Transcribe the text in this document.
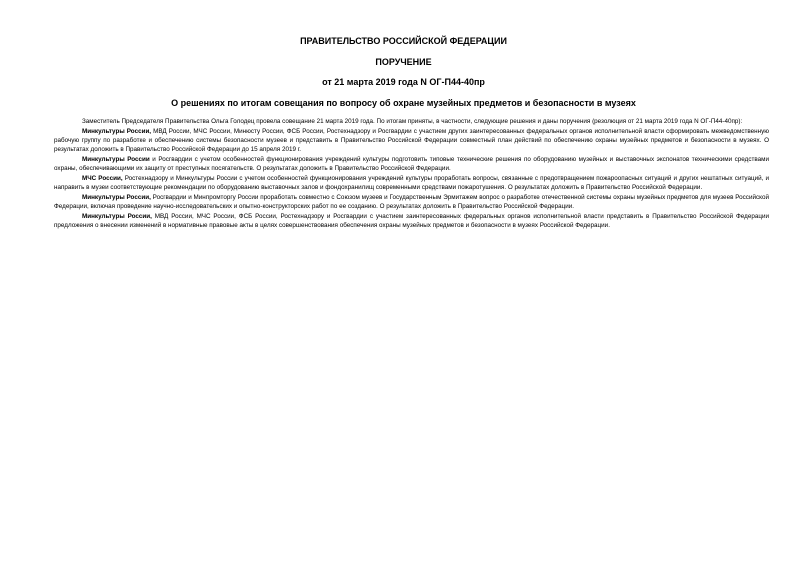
ПРАВИТЕЛЬСТВО РОССИЙСКОЙ ФЕДЕРАЦИИ
ПОРУЧЕНИЕ
от 21 марта 2019 года N ОГ-П44-40пр
О решениях по итогам совещания по вопросу об охране музейных предметов и безопасности в музеях

Заместитель Председателя Правительства Ольга Голодец провела совещание 21 марта 2019 года. По итогам приняты, в частности, следующие решения и даны поручения (резолюция от 21 марта 2019 года N ОГ-П44-40пр):

Минкультуры России, МВД России, МЧС России, Минюсту России, ФСБ России, Ростехнадзору и Росгвардии с участием других заинтересованных федеральных органов исполнительной власти сформировать межведомственную рабочую группу по разработке и обеспечению системы безопасности музеев и представить в Правительство Российской Федерации совместный план действий по обеспечению охраны музейных предметов и безопасности в музеях. О результатах доложить в Правительство Российской Федерации до 15 апреля 2019 г.

Минкультуры России и Росгвардии с учетом особенностей функционирования учреждений культуры подготовить типовые технические решения по оборудованию музейных и выставочных экспонатов техническими средствами охраны, обеспечивающими их защиту от преступных посягательств. О результатах доложить в Правительство Российской Федерации.

МЧС России, Ростехнадзору и Минкультуры России с учетом особенностей функционирования учреждений культуры проработать вопросы, связанные с предотвращением пожароопасных ситуаций и других нештатных ситуаций, и направить в музеи соответствующие рекомендации по оборудованию выставочных залов и фондохранилищ современными средствами пожаротушения. О результатах доложить в Правительство Российской Федерации.

Минкультуры России, Росгвардии и Минпромторгу России проработать совместно с Союзом музеев и Государственным Эрмитажем вопрос о разработке отечественной системы охраны музейных предметов для музеев Российской Федерации, включая проведение научно-исследовательских и опытно-конструкторских работ по ее созданию. О результатах доложить в Правительство Российской Федерации.

Минкультуры России, МВД России, МЧС России, ФСБ России, Ростехнадзору и Росгвардии с участием заинтересованных федеральных органов исполнительной власти представить в Правительство Российской Федерации предложения о внесении изменений в нормативные правовые акты в целях совершенствования обеспечения охраны музейных предметов и безопасности в музеях Российской Федерации.
